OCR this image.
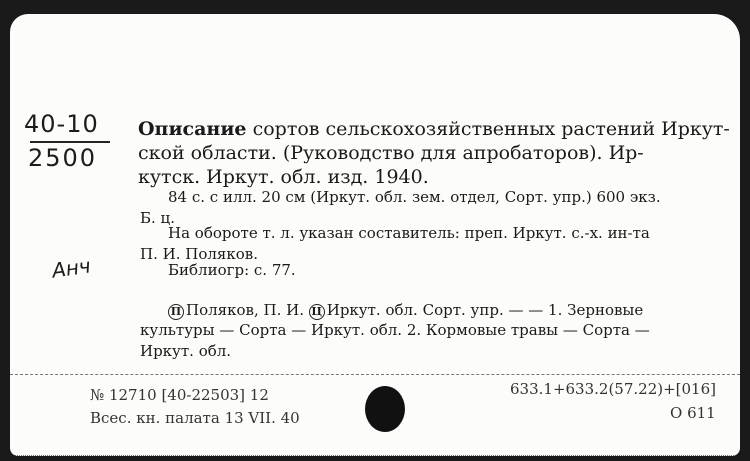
40-10
2500
Анч
Описание сортов сельскохозяйственных растений Иркут-
ской области. (Руководство для апробаторов). Ир-
кутск. Иркут. обл. изд. 1940.
84 с. с илл. 20 см (Иркут. обл. зем. отдел, Сорт. упр.) 600 экз.
Б. ц.
На обороте т. л. указан составитель: преп. Иркут. с.-х. ин-та
П. И. Поляков.
Библиогр: с. 77.
П Поляков, П. И. Ц Иркут. обл. Сорт. упр. — — 1. Зерновые
культуры — Сорта — Иркут. обл. 2. Кормовые травы — Сорта —
Иркут. обл.
№ 12710 [40-22503] 12
Всес. кн. палата 13 VII. 40
633.1+633.2(57.22)+[016]
О 611
